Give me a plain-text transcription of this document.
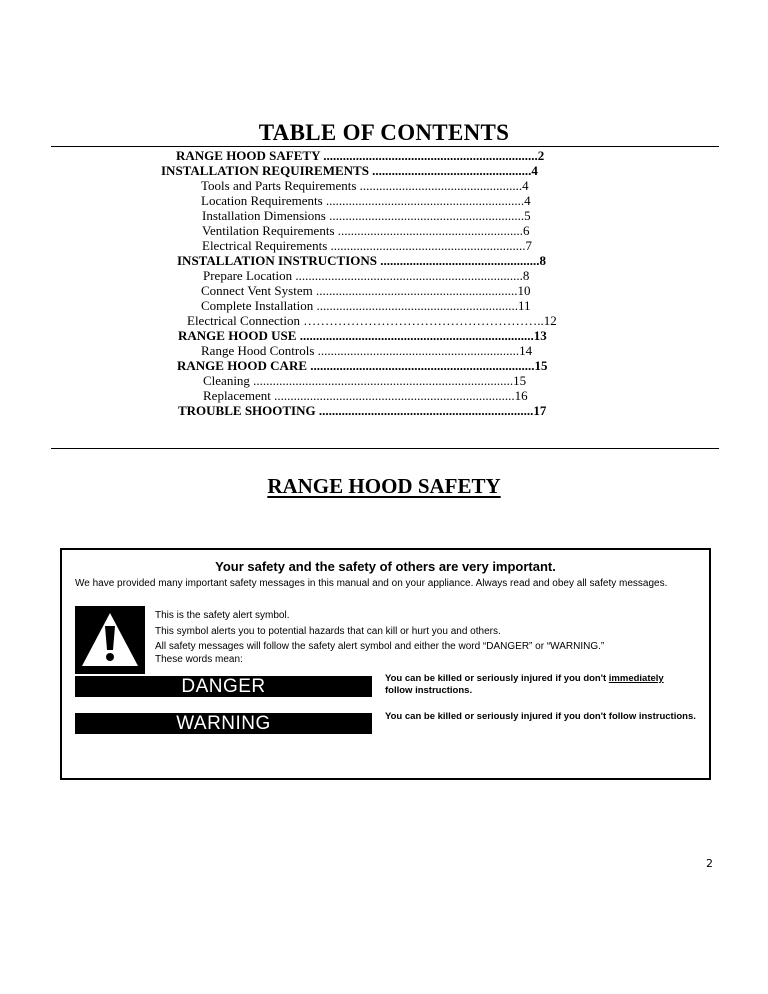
TABLE OF CONTENTS
RANGE HOOD SAFETY ..................................................................2
INSTALLATION REQUIREMENTS .................................................4
Tools and Parts Requirements ..................................................4
Location Requirements .............................................................4
Installation Dimensions ............................................................5
Ventilation Requirements .........................................................6
Electrical Requirements ............................................................7
INSTALLATION INSTRUCTIONS .................................................8
Prepare Location ......................................................................8
Connect Vent System ..............................................................10
Complete Installation ..............................................................11
Electrical Connection ………………………………………………..12
RANGE HOOD USE ........................................................................13
Range Hood Controls ..............................................................14
RANGE HOOD CARE .....................................................................15
Cleaning ................................................................................15
Replacement ..........................................................................16
TROUBLE SHOOTING ..................................................................17
RANGE HOOD SAFETY
Your safety and the safety of others are very important.
We have provided many important safety messages in this manual and on your appliance. Always read and obey all safety messages.
This is the safety alert symbol.
This symbol alerts you to potential hazards that can kill or hurt you and others.
All safety messages will follow the safety alert symbol and either the word “DANGER” or “WARNING.”
These words mean:
DANGER	You can be killed or seriously injured if you don't immediately
follow instructions.
WARNING	You can be killed or seriously injured if you don't follow instructions.
2
